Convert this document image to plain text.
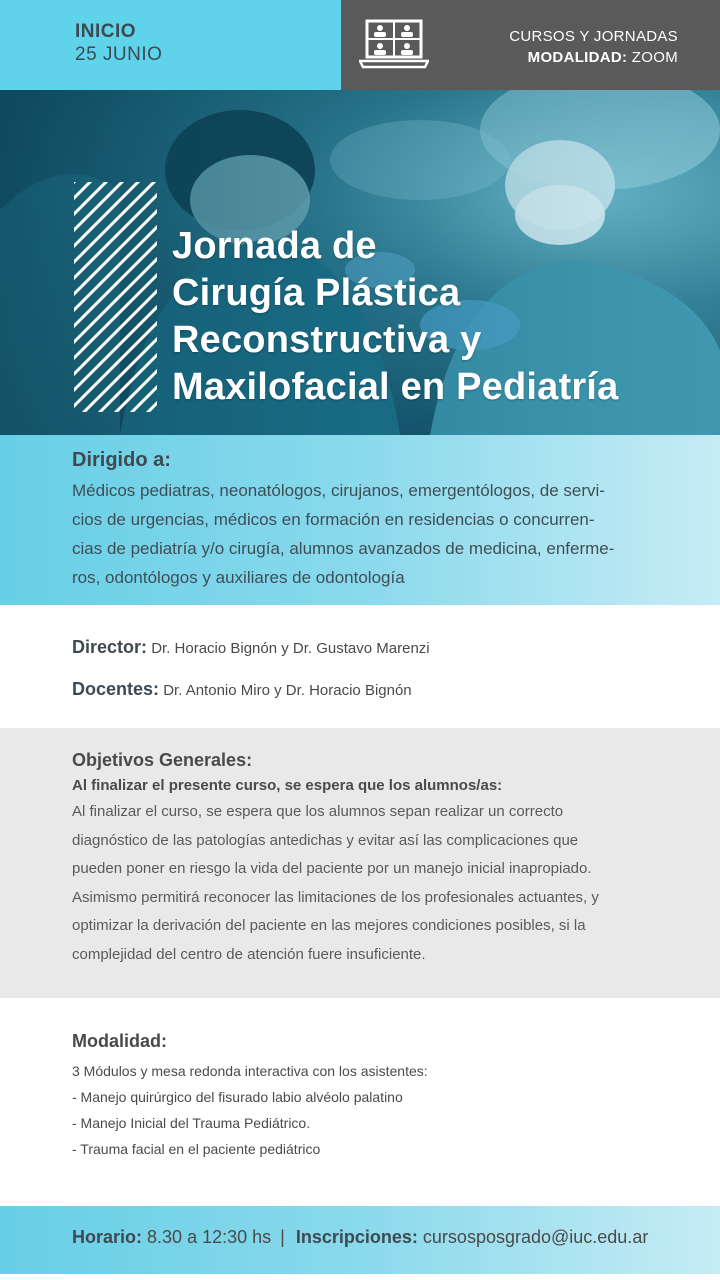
INICIO
25 JUNIO
CURSOS Y JORNADAS
MODALIDAD: ZOOM
Jornada de
Cirugía Plástica
Reconstructiva y
Maxilofacial en Pediatría
Dirigido a:
Médicos pediatras, neonatólogos, cirujanos, emergentólogos, de servi-
cios de urgencias, médicos en formación en residencias o concurren-
cias de pediatría y/o cirugía, alumnos avanzados de medicina, enferme-
ros, odontólogos y auxiliares de odontología
Director: Dr. Horacio Bignón y Dr. Gustavo Marenzi
Docentes: Dr. Antonio Miro y Dr. Horacio Bignón
Objetivos Generales:
Al finalizar el presente curso, se espera que los alumnos/as:
Al finalizar el curso, se espera que los alumnos sepan realizar un correcto
diagnóstico de las patologías antedichas y evitar así las complicaciones que
pueden poner en riesgo la vida del paciente por un manejo inicial inapropiado.
Asimismo permitirá reconocer las limitaciones de los profesionales actuantes, y
optimizar la derivación del paciente en las mejores condiciones posibles, si la
complejidad del centro de atención fuere insuficiente.
Modalidad:
3 Módulos y mesa redonda interactiva con los asistentes:
- Manejo quirúrgico del fisurado labio alvéolo palatino
- Manejo Inicial del Trauma Pediátrico.
- Trauma facial en el paciente pediátrico
Horario: 8.30 a 12:30 hs | Inscripciones: cursosposgrado@iuc.edu.ar
